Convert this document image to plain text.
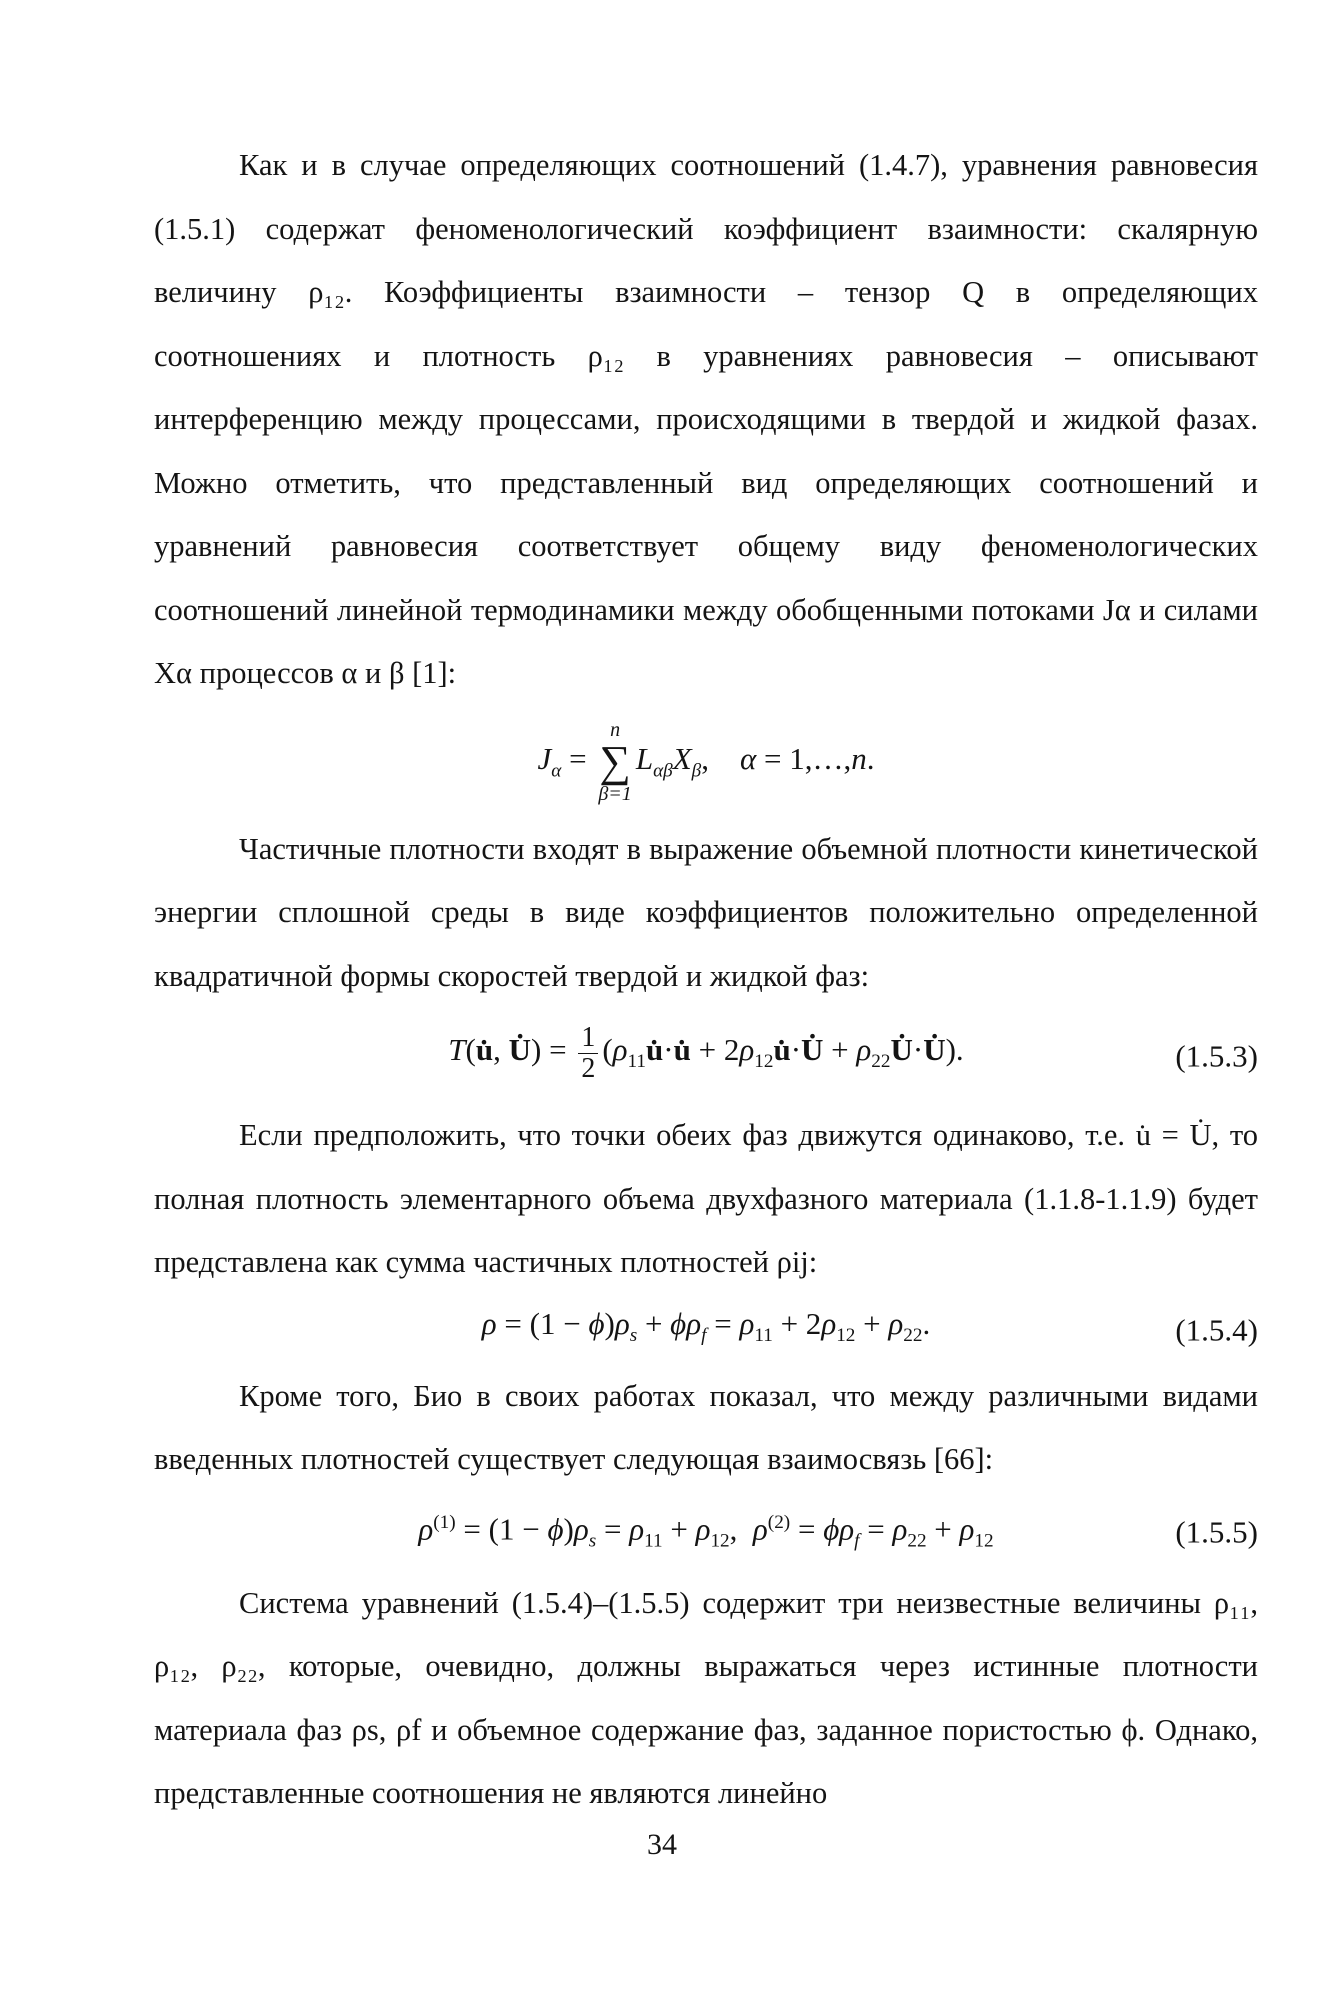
Как и в случае определяющих соотношений (1.4.7), уравнения равновесия (1.5.1) содержат феноменологический коэффициент взаимности: скалярную величину ρ₁₂. Коэффициенты взаимности – тензор Q в определяющих соотношениях и плотность ρ₁₂ в уравнениях равновесия – описывают интерференцию между процессами, происходящими в твердой и жидкой фазах. Можно отметить, что представленный вид определяющих соотношений и уравнений равновесия соответствует общему виду феноменологических соотношений линейной термодинамики между обобщенными потоками Jα и силами Xα процессов α и β [1]:

$J_\alpha$ =
n
∑
β=1
$L_{\alpha\beta}X_\beta$,    α = 1,…,n.

Частичные плотности входят в выражение объемной плотности кинетической энергии сплошной среды в виде коэффициентов положительно определенной квадратичной формы скоростей твердой и жидкой фаз:

T(u̇, U̇) = $\frac{1}{2}$ ($\rho_{11}u̇\cdot u̇$ + $2\rho_{12}u̇\cdot U̇$ + $\rho_{22}U̇\cdot U̇$).	(1.5.3)

Если предположить, что точки обеих фаз движутся одинаково, т.е. u̇ = U̇, то полная плотность элементарного объема двухфазного материала (1.1.8-1.1.9) будет представлена как сумма частичных плотностей ρij:

$\rho = (1 - \phi)\rho_s + \phi\rho_f = \rho_{11} + 2\rho_{12} + \rho_{22}$.	(1.5.4)

Кроме того, Био в своих работах показал, что между различными видами введенных плотностей существует следующая взаимосвязь [66]:

$\rho^{(1)} = (1 - \phi)\rho_s = \rho_{11} + \rho_{12}$,  $\rho^{(2)} = \phi\rho_f = \rho_{22} + \rho_{12}$	(1.5.5)

Система уравнений (1.5.4)–(1.5.5) содержит три неизвестные величины ρ₁₁, ρ₁₂, ρ₂₂, которые, очевидно, должны выражаться через истинные плотности материала фаз ρs, ρf и объемное содержание фаз, заданное пористостью ϕ. Однако, представленные соотношения не являются линейно

34
